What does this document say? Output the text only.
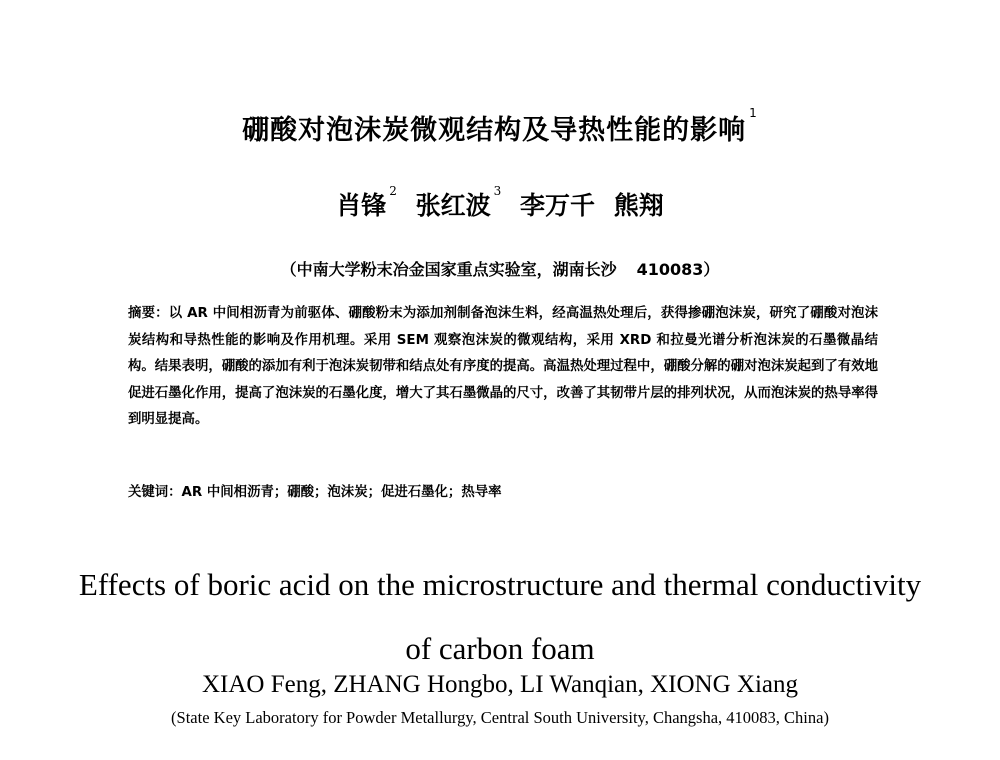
硼酸对泡沫炭微观结构及导热性能的影响$^1$
肖锋 $^2$ 张红波 $^3$ 李万千 熊翔
（中南大学粉末冶金国家重点实验室，湖南长沙 410083）
摘要：以 AR 中间相沥青为前驱体、硼酸粉末为添加剂制备泡沫生料，经高温热处理后，获得掺硼泡沫炭，研究了硼酸对泡沫炭结构和导热性能的影响及作用机理。采用 SEM 观察泡沫炭的微观结构，采用 XRD 和拉曼光谱分析泡沫炭的石墨微晶结构。结果表明，硼酸的添加有利于泡沫炭韧带和结点处有序度的提高。高温热处理过程中，硼酸分解的硼对泡沫炭起到了有效地促进石墨化作用，提高了泡沫炭的石墨化度，增大了其石墨微晶的尺寸，改善了其韧带片层的排列状况，从而泡沫炭的热导率得到明显提高。
关键词：AR 中间相沥青；硼酸；泡沫炭；促进石墨化；热导率
Effects of boric acid on the microstructure and thermal conductivity
of carbon foam
XIAO Feng, ZHANG Hongbo, LI Wanqian, XIONG Xiang
(State Key Laboratory for Powder Metallurgy, Central South University, Changsha, 410083, China)
